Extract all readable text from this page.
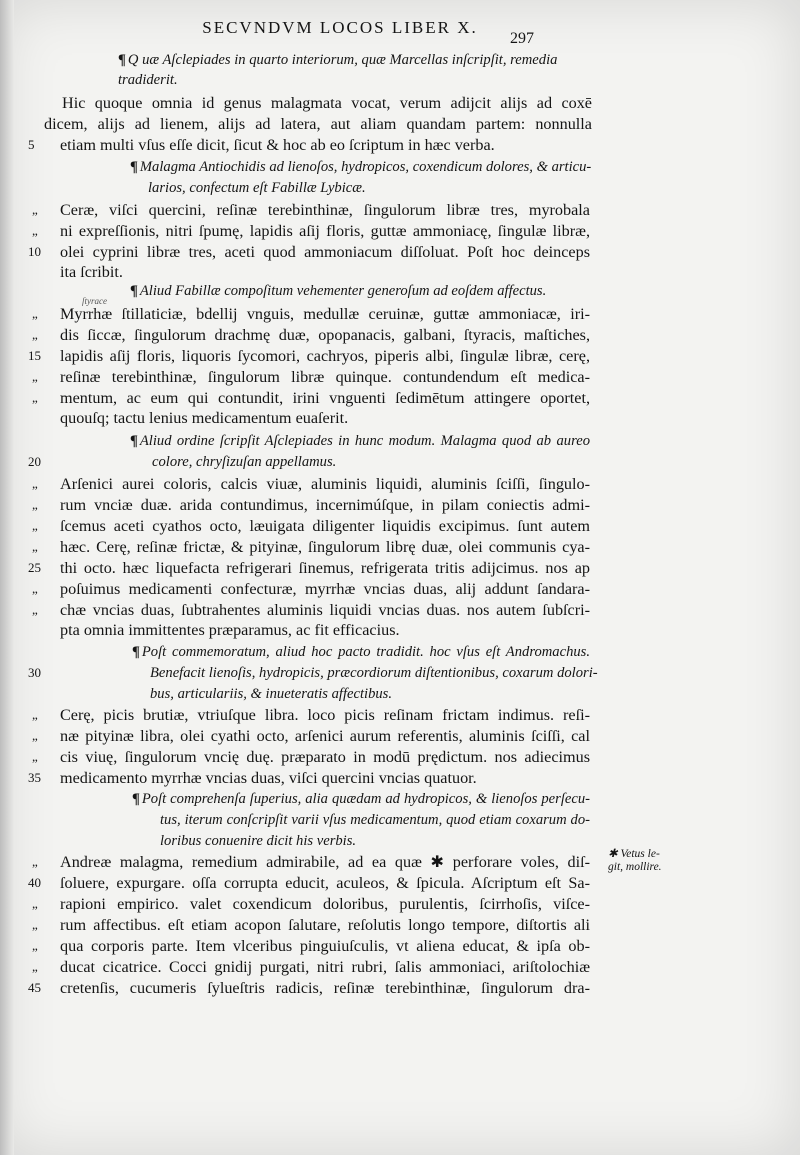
SECVNDVM LOCOS LIBER X.
297
¶ Q uæ Aſclepiades in quarto interiorum, quæ Marcellas inſcripſit, remedia
tradiderit.
Hic quoque omnia id genus malagmata vocat, verum adijcit aliјs ad coxē
dicem, alijs ad lienem, alijs ad latera, aut aliam quandam partem: nonnulla
etiam multi vſus eſſe dicit, ſicut & hoc ab eo ſcriptum in hæc verba.
¶ Malagma Antiochidis ad lienoſos, hydropicos, coxendicum dolores, & articu-
larios, confectum eſt Fabillæ Lybicæ.
Ceræ, viſci quercini, reſinæ terebinthinæ, ſingulorum libræ tres, myrobala
ni expreſſionis, nitri ſpumę, lapidis aſij floris, guttæ ammoniacę, ſingulæ libræ,
olei cyprini libræ tres, aceti quod ammoniacum diſſoluat. Poſt hoc deinceps
ita ſcribit.
¶ Aliud Fabillæ compoſitum vehementer generoſum ad eoſdem affectus.
Myrrhæ ſtillaticiæ, bdellij vnguis, medullæ ceruinæ, guttæ ammoniacæ, iri-
dis ſiccæ, ſingulorum drachmę duæ, opopanacis, galbani, ſtyracis, maſtiches,
lapidis aſij floris, liquoris ſycomori, cachryos, piperis albi, ſingulæ libræ, cerę,
reſinæ terebinthinæ, ſingulorum libræ quinque. contundendum eſt medica-
mentum, ac eum qui contundit, irini vnguenti ſedimētum attingere oportet,
quouſq; tactu lenius medicamentum euaſerit.
¶ Aliud ordine ſcripſit Aſclepiades in hunc modum. Malagma quod ab aureo
colore, chryſizuſan appellamus.
Arſenici aurei coloris, calcis viuæ, aluminis liquidi, aluminis ſciſſi, ſingulo-
rum vnciæ duæ. arida contundimus, incernimúſque, in pilam coniectis admi-
ſcemus aceti cyathos octo, læuigata diligenter liquidis excipimus. ſunt autem
hæc. Cerę, reſinæ frictæ, & pityinæ, ſingulorum librę duæ, olei communis cya-
thi octo. hæc liquefacta refrigerari ſinemus, refrigerata tritis adijcimus. nos ap
poſuimus medicamenti confecturæ, myrrhæ vncias duas, alij addunt ſandara-
chæ vncias duas, ſubtrahentes aluminis liquidi vncias duas. nos autem ſubſcri-
pta omnia immittentes præparamus, ac fit efficacius.
¶ Poſt commemoratum, aliud hoc pacto tradidit. hoc vſus eſt Andromachus.
Benefacit lienoſis, hydropicis, præcordiorum diſtentionibus, coxarum dolori-
bus, articulariis, & inueteratis affectibus.
Cerę, picis brutiæ, vtriuſque libra. loco picis reſinam frictam indimus. reſi-
næ pityinæ libra, olei cyathi octo, arſenici aurum referentis, aluminis ſciſſi, cal
cis viuę, ſingulorum vncię duę. præparato in modū prędictum. nos adiecimus
medicamento myrrhæ vncias duas, viſci quercini vncias quatuor.
¶ Poſt comprehenſa ſuperius, alia quædam ad hydropicos, & lienoſos perſecu-
tus, iterum conſcripſit varii vſus medicamentum, quod etiam coxarum do-
loribus conuenire dicit his verbis.
Andreæ malagma, remedium admirabile, ad ea quæ ✱ perforare voles, diſ-
ſoluere, expurgare. oſſa corrupta educit, aculeos, & ſpicula. Aſcriptum eſt Sa-
rapioni empirico. valet coxendicum doloribus, purulentis, ſcirrhoſis, viſce-
rum affectibus. eſt etiam acopon ſalutare, reſolutis longo tempore, diſtortis ali
qua corporis parte. Item vlceribus pinguiuſculis, vt aliena educat, & ipſa ob-
ducat cicatrice. Cocci gnidij purgati, nitri rubri, ſalis ammoniaci, ariſtolochiæ
cretenſis, cucumeris ſylueſtris radicis, reſinæ terebinthinæ, ſingulorum dra-
5
10
15
20
25
30
35
40
45
„
„
„
„
„
„
„
„
„
„
„
„
„
„
„
„
„
„
„
„
ſtyrace
✱ Vetus le-
git, mollire.
